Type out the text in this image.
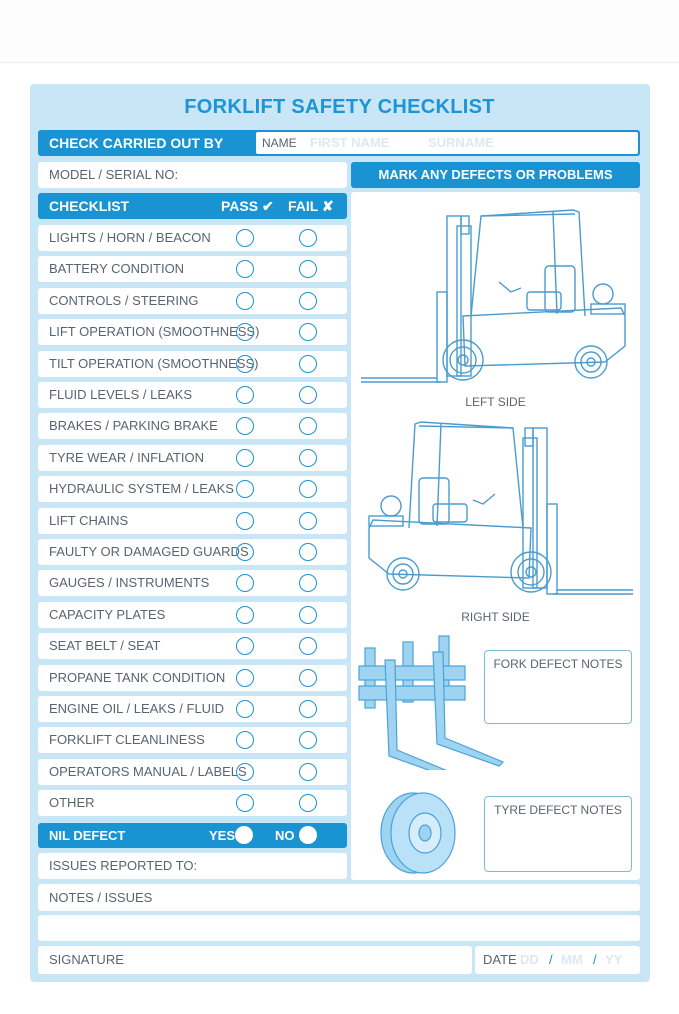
FORKLIFT SAFETY CHECKLIST
CHECK CARRIED OUT BY	NAME FIRST NAME	SURNAME
MODEL / SERIAL NO:	MARK ANY DEFECTS OR PROBLEMS
CHECKLIST	PASS ✔ FAIL ✘
LIGHTS / HORN / BEACON
BATTERY CONDITION
CONTROLS / STEERING
LIFT OPERATION (SMOOTHNESS)
TILT OPERATION (SMOOTHNESS)
FLUID LEVELS / LEAKS
BRAKES / PARKING BRAKE
TYRE WEAR / INFLATION
HYDRAULIC SYSTEM / LEAKS
LIFT CHAINS
FAULTY OR DAMAGED GUARDS
GAUGES / INSTRUMENTS
CAPACITY PLATES
SEAT BELT / SEAT
PROPANE TANK CONDITION
ENGINE OIL / LEAKS / FLUID
FORKLIFT CLEANLINESS
OPERATORS MANUAL / LABELS
OTHER
NIL DEFECT	YES	NO
ISSUES REPORTED TO:
NOTES / ISSUES
SIGNATURE	DATE DD / MM / YY
LEFT SIDE
RIGHT SIDE
FORK DEFECT NOTES
TYRE DEFECT NOTES
